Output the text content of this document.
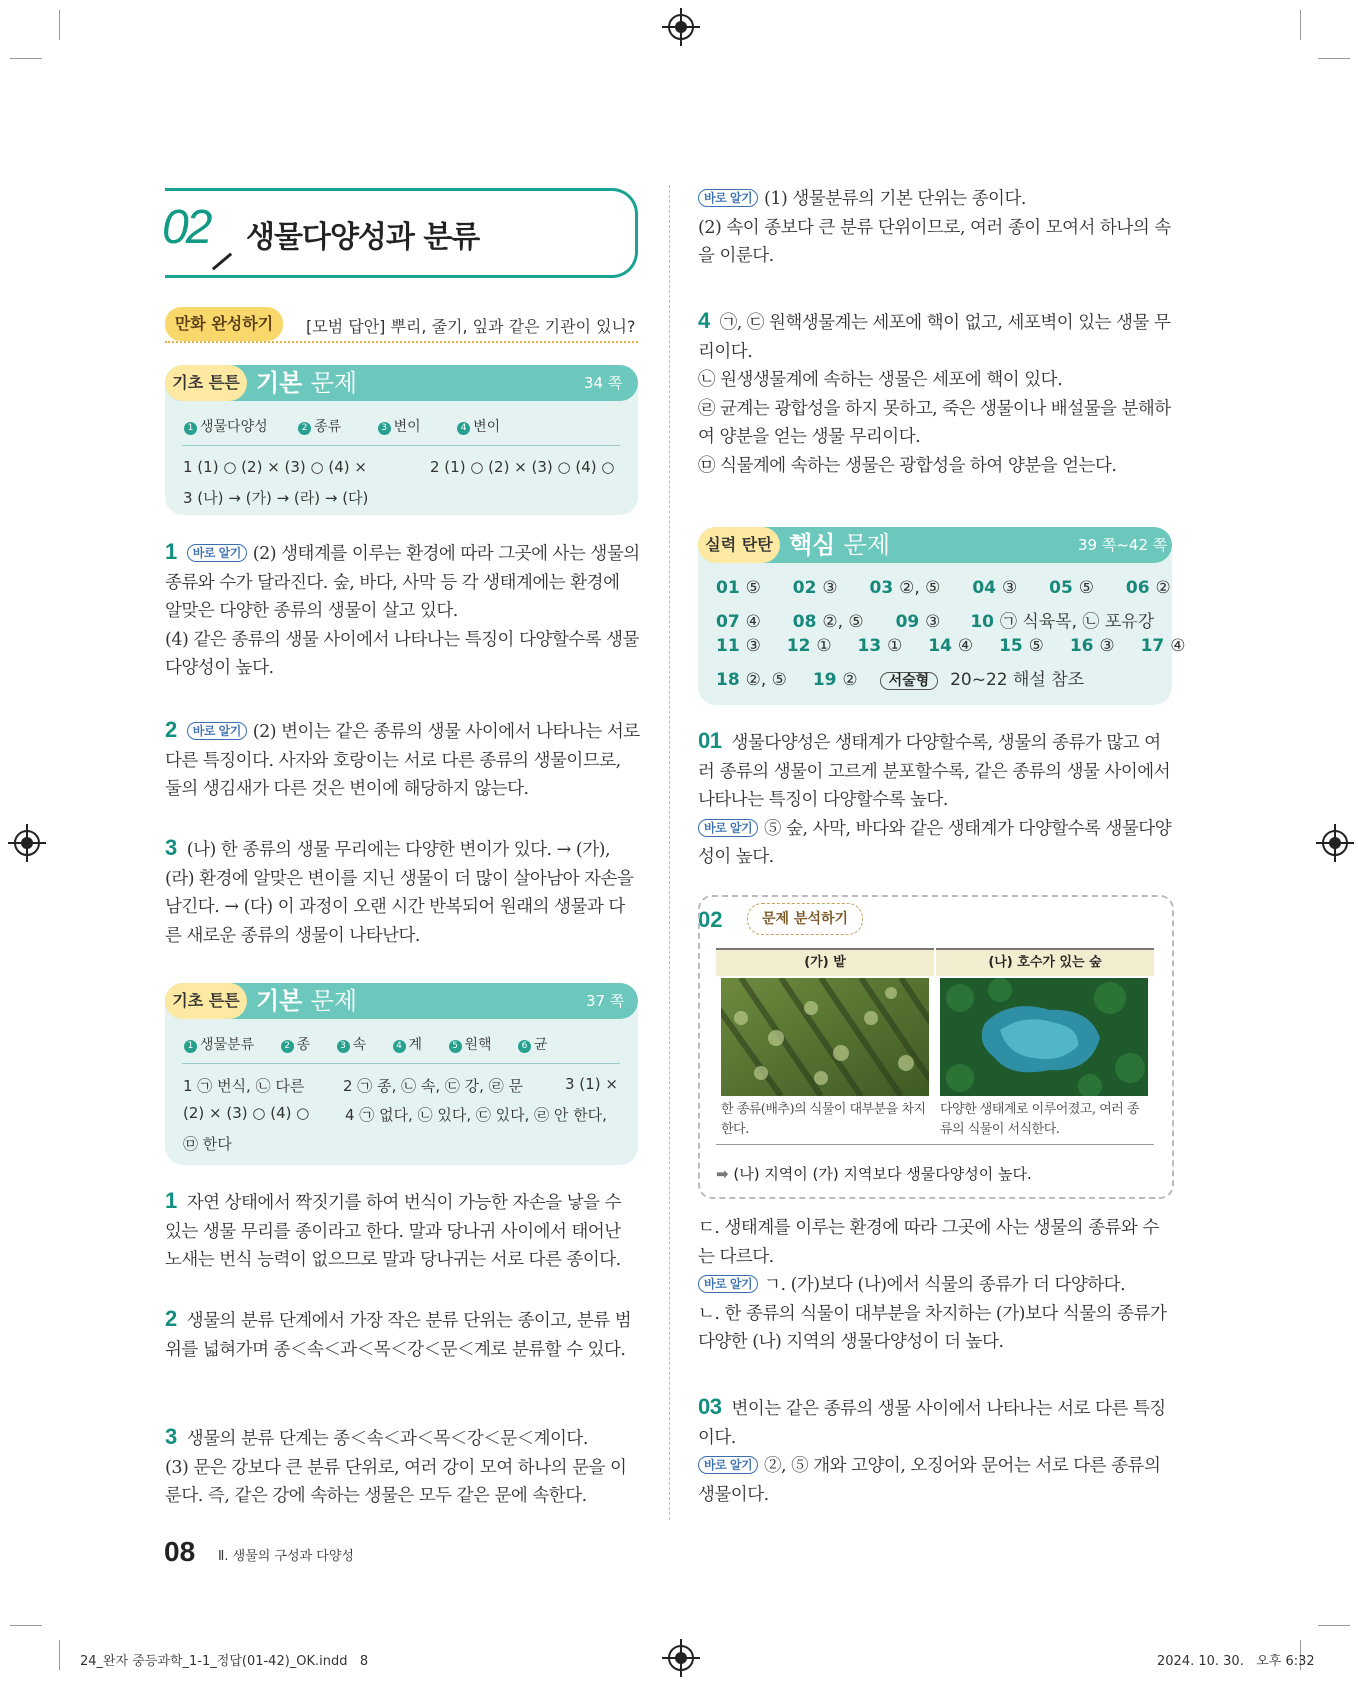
02 생물다양성과 분류
만화 완성하기	[모범 답안] 뿌리, 줄기, 잎과 같은 기관이 있니?
기초 튼튼 기본 문제	34 쪽
1 생물다양성	2 종류	3 변이	4 변이
1 (1) ○ (2) × (3) ○ (4) ×	2 (1) ○ (2) × (3) ○ (4) ○
3 (나) → (가) → (라) → (다)
1 바로 알기 (2) 생태계를 이루는 환경에 따라 그곳에 사는 생물의 종류와 수가 달라진다. 숲, 바다, 사막 등 각 생태계에는 환경에 알맞은 다양한 종류의 생물이 살고 있다.
(4) 같은 종류의 생물 사이에서 나타나는 특징이 다양할수록 생물다양성이 높다.
2 바로 알기 (2) 변이는 같은 종류의 생물 사이에서 나타나는 서로 다른 특징이다. 사자와 호랑이는 서로 다른 종류의 생물이므로, 둘의 생김새가 다른 것은 변이에 해당하지 않는다.
3 (나) 한 종류의 생물 무리에는 다양한 변이가 있다. → (가), (라) 환경에 알맞은 변이를 지닌 생물이 더 많이 살아남아 자손을 남긴다. → (다) 이 과정이 오랜 시간 반복되어 원래의 생물과 다른 새로운 종류의 생물이 나타난다.
기초 튼튼 기본 문제	37 쪽
1 생물분류	2 종	3 속	4 계	5 원핵	6 균
1 ㉠ 번식, ㉡ 다른	2 ㉠ 종, ㉡ 속, ㉢ 강, ㉣ 문	3 (1) ×
(2) × (3) ○ (4) ○ 4 ㉠ 없다, ㉡ 있다, ㉢ 있다, ㉣ 안 한다,
㉤ 한다
1 자연 상태에서 짝짓기를 하여 번식이 가능한 자손을 낳을 수 있는 생물 무리를 종이라고 한다. 말과 당나귀 사이에서 태어난 노새는 번식 능력이 없으므로 말과 당나귀는 서로 다른 종이다.
2 생물의 분류 단계에서 가장 작은 분류 단위는 종이고, 분류 범위를 넓혀가며 종＜속＜과＜목＜강＜문＜계로 분류할 수 있다.
3 생물의 분류 단계는 종＜속＜과＜목＜강＜문＜계이다.
(3) 문은 강보다 큰 분류 단위로, 여러 강이 모여 하나의 문을 이룬다. 즉, 같은 강에 속하는 생물은 모두 같은 문에 속한다.
08 Ⅱ. 생물의 구성과 다양성
바로 알기 (1) 생물분류의 기본 단위는 종이다.
(2) 속이 종보다 큰 분류 단위이므로, 여러 종이 모여서 하나의 속을 이룬다.
4 ㉠, ㉢ 원핵생물계는 세포에 핵이 없고, 세포벽이 있는 생물 무리이다.
㉡ 원생생물계에 속하는 생물은 세포에 핵이 있다.
㉣ 균계는 광합성을 하지 못하고, 죽은 생물이나 배설물을 분해하여 양분을 얻는 생물 무리이다.
㉤ 식물계에 속하는 생물은 광합성을 하여 양분을 얻는다.
실력 탄탄 핵심 문제	39 쪽~42 쪽
01 ⑤ 02 ③ 03 ②, ⑤ 04 ③ 05 ⑤ 06 ②
07 ④ 08 ②, ⑤ 09 ③ 10 ㉠ 식육목, ㉡ 포유강
11 ③ 12 ① 13 ① 14 ④ 15 ⑤ 16 ③ 17 ④
18 ②, ⑤ 19 ② 서술형 20~22 해설 참조
01 생물다양성은 생태계가 다양할수록, 생물의 종류가 많고 여러 종류의 생물이 고르게 분포할수록, 같은 종류의 생물 사이에서 나타나는 특징이 다양할수록 높다.
바로 알기 ⑤ 숲, 사막, 바다와 같은 생태계가 다양할수록 생물다양성이 높다.
02	문제 분석하기
(가) 밭	(나) 호수가 있는 숲
한 종류(배추)의 식물이 대부분을 차지한다.
다양한 생태계로 이루어졌고, 여러 종류의 식물이 서식한다.
➡ (나) 지역이 (가) 지역보다 생물다양성이 높다.
ㄷ. 생태계를 이루는 환경에 따라 그곳에 사는 생물의 종류와 수는 다르다.
바로 알기 ㄱ. (가)보다 (나)에서 식물의 종류가 더 다양하다.
ㄴ. 한 종류의 식물이 대부분을 차지하는 (가)보다 식물의 종류가 다양한 (나) 지역의 생물다양성이 더 높다.
03 변이는 같은 종류의 생물 사이에서 나타나는 서로 다른 특징이다.
바로 알기 ②, ⑤ 개와 고양이, 오징어와 문어는 서로 다른 종류의 생물이다.
24_완자 중등과학_1-1_정답(01-42)_OK.indd   8	2024. 10. 30.   오후 6:32
